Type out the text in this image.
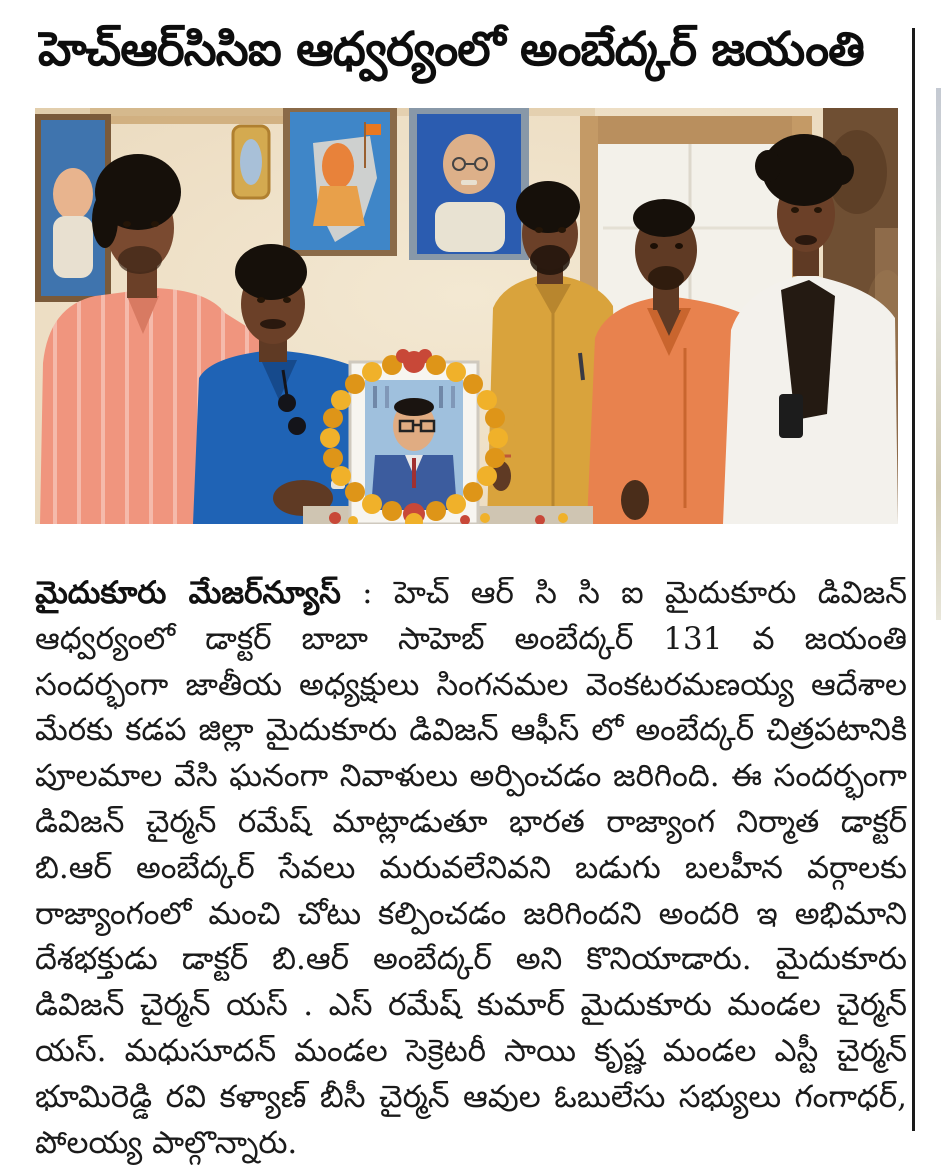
హెచ్‌ఆర్‌సిసిఐ ఆధ్వర్యంలో అంబేద్కర్ జయంతి

మైదుకూరు మేజర్‌న్యూస్ : హెచ్ ఆర్ సి సి ఐ మైదుకూరు డివిజన్ ఆధ్వర్యంలో డాక్టర్ బాబా సాహెబ్ అంబేద్కర్ 131 వ జయంతి సందర్భంగా జాతీయ అధ్యక్షులు సింగనమల వెంకటరమణయ్య ఆదేశాల మేరకు కడప జిల్లా మైదుకూరు డివిజన్ ఆఫీస్ లో అంబేద్కర్ చిత్రపటానికి పూలమాల వేసి ఘనంగా నివాళులు అర్పించడం జరిగింది. ఈ సందర్భంగా డివిజన్ చైర్మన్ రమేష్ మాట్లాడుతూ భారత రాజ్యాంగ నిర్మాత డాక్టర్ బి.ఆర్ అంబేద్కర్ సేవలు మరువలేనివని బడుగు బలహీన వర్గాలకు రాజ్యాంగంలో మంచి చోటు కల్పించడం జరిగిందని అందరి ఇ అభిమాని దేశభక్తుడు డాక్టర్ బి.ఆర్ అంబేద్కర్ అని కొనియాడారు. మైదుకూరు డివిజన్ చైర్మన్ యస్ . ఎస్ రమేష్ కుమార్ మైదుకూరు మండల చైర్మన్ యస్. మధుసూదన్ మండల సెక్రెటరీ సాయి కృష్ణ మండల ఎస్టీ చైర్మన్ భూమిరెడ్డి రవి కళ్యాణ్ బీసీ చైర్మన్ ఆవుల ఓబులేసు సభ్యులు గంగాధర్, పోలయ్య పాల్గొన్నారు.
